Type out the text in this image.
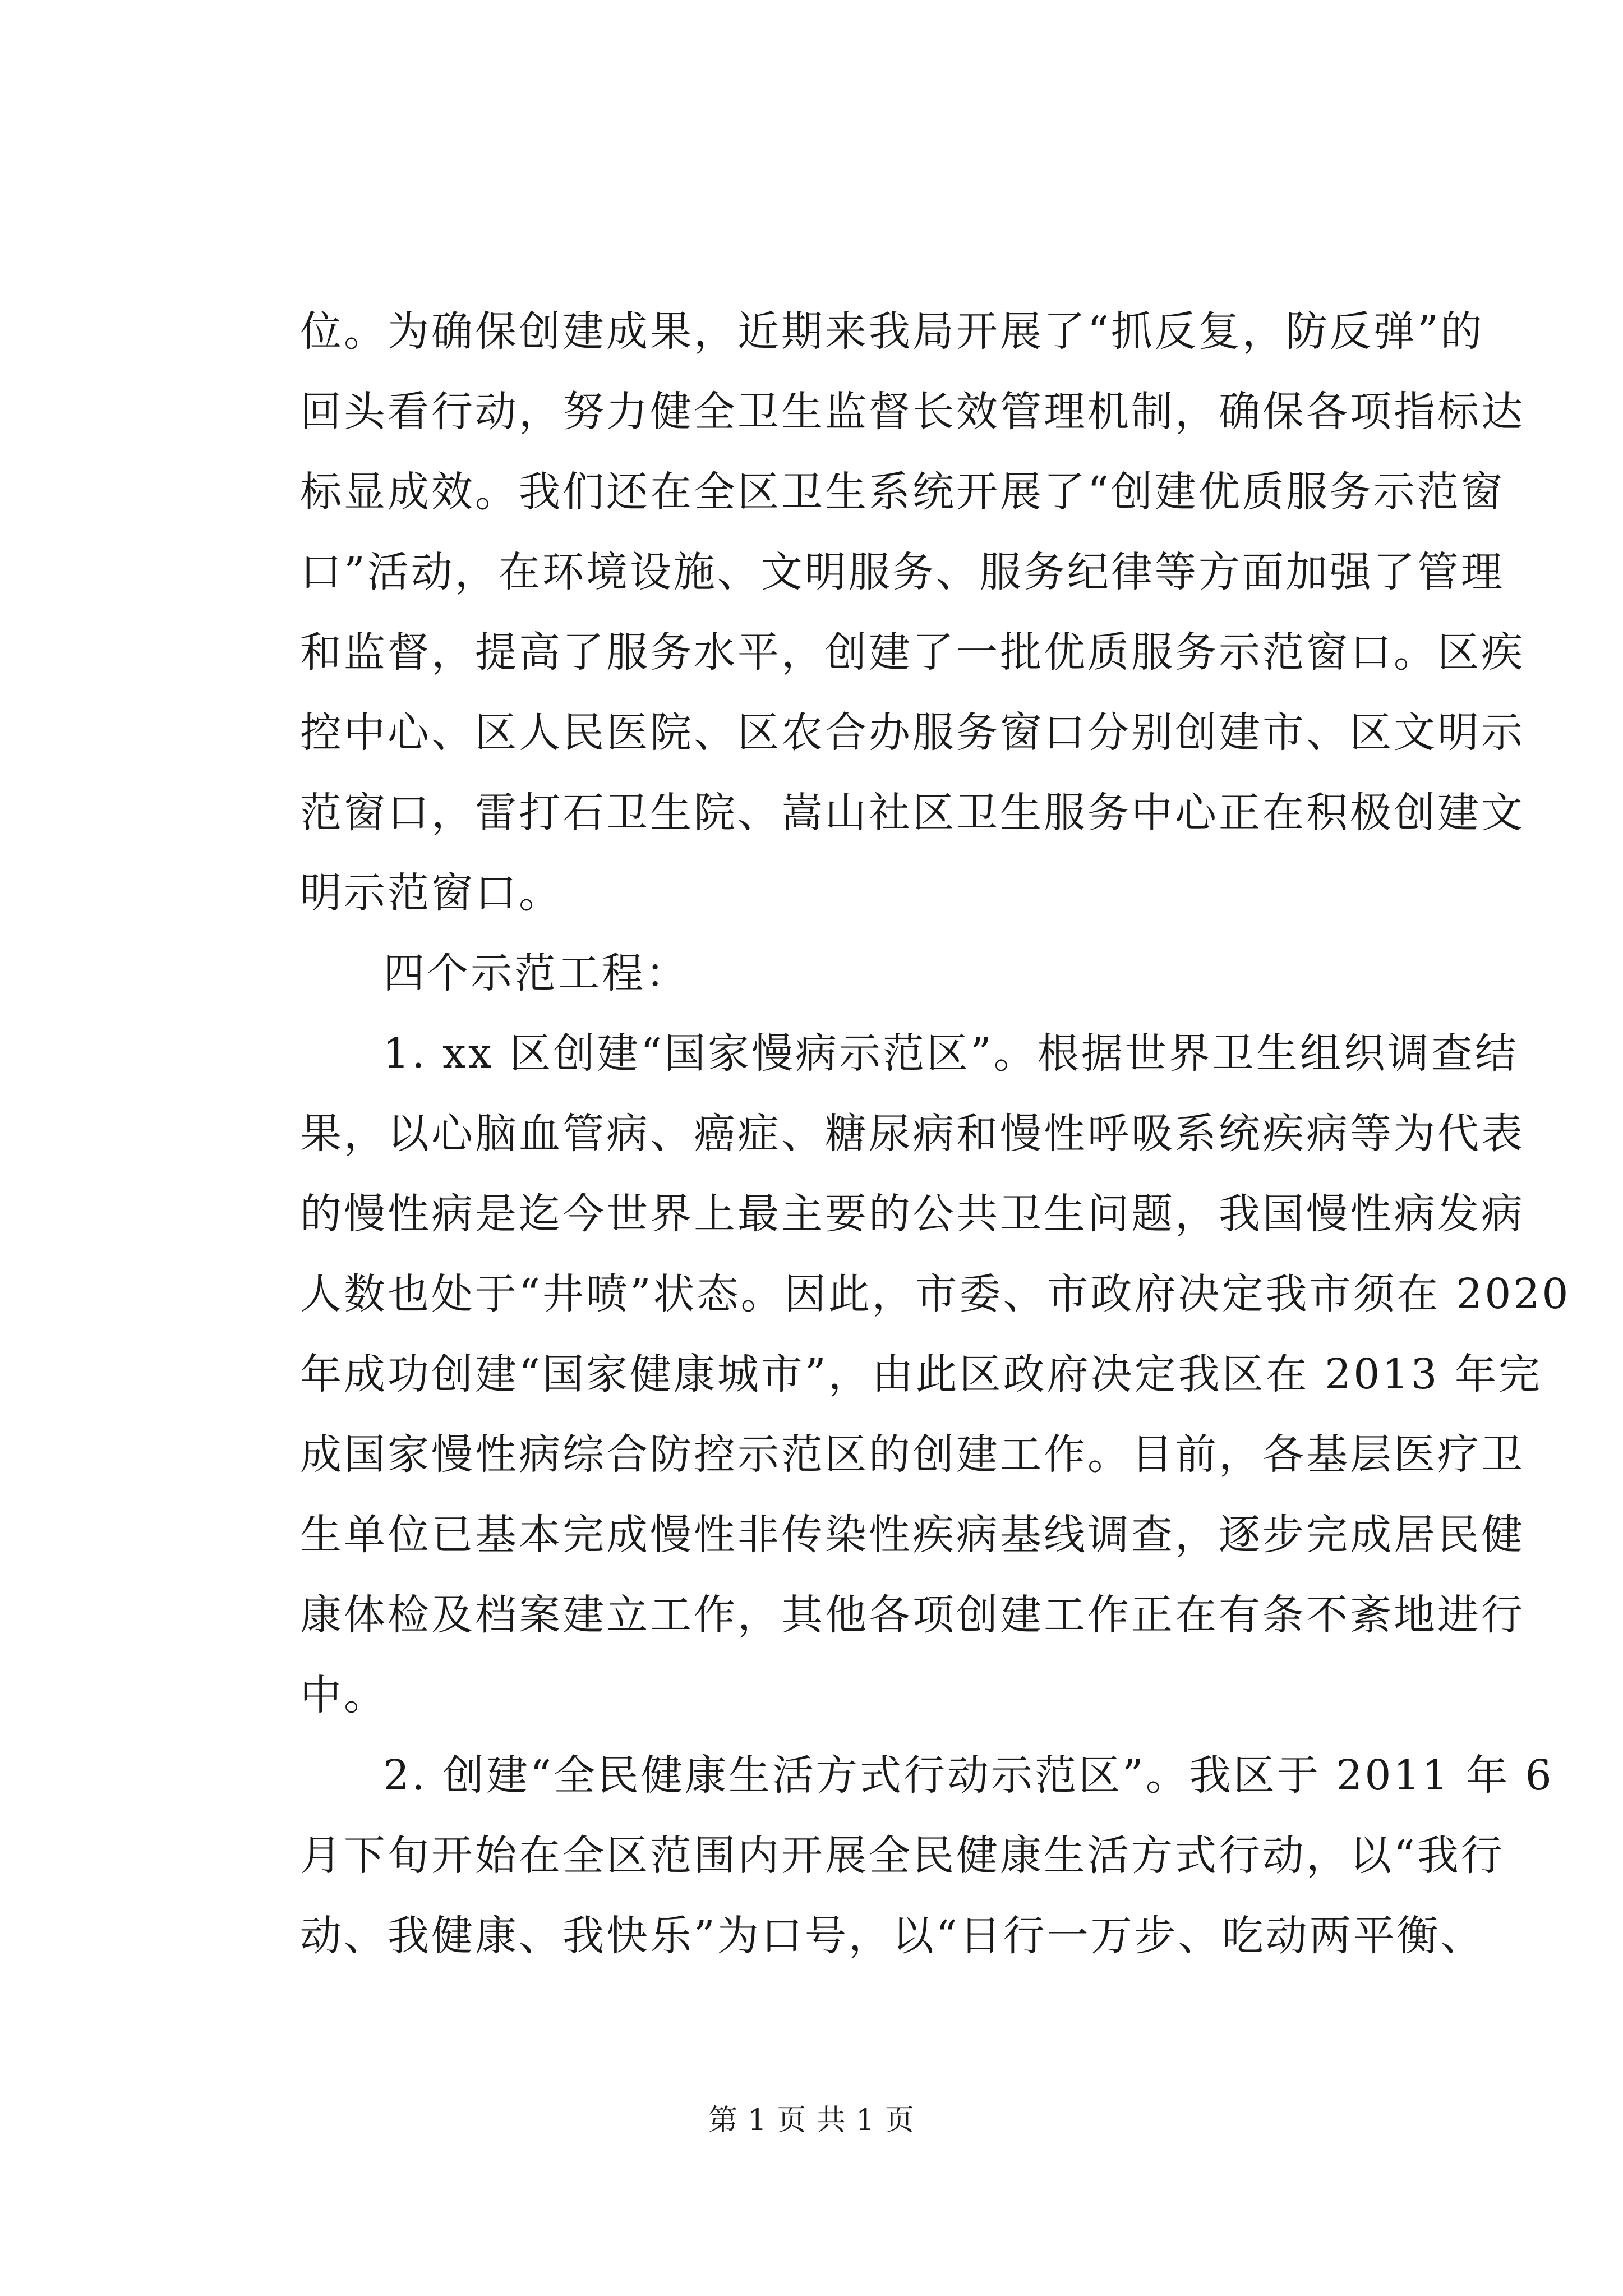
位。为确保创建成果，近期来我局开展了“抓反复，防反弹”的
回头看行动，努力健全卫生监督长效管理机制，确保各项指标达
标显成效。我们还在全区卫生系统开展了“创建优质服务示范窗
口”活动，在环境设施、文明服务、服务纪律等方面加强了管理
和监督，提高了服务水平，创建了一批优质服务示范窗口。区疾
控中心、区人民医院、区农合办服务窗口分别创建市、区文明示
范窗口，雷打石卫生院、嵩山社区卫生服务中心正在积极创建文
明示范窗口。
四个示范工程：
1. xx 区创建“国家慢病示范区”。根据世界卫生组织调查结
果，以心脑血管病、癌症、糖尿病和慢性呼吸系统疾病等为代表
的慢性病是迄今世界上最主要的公共卫生问题，我国慢性病发病
人数也处于“井喷”状态。因此，市委、市政府决定我市须在 2020
年成功创建“国家健康城市”，由此区政府决定我区在 2013 年完
成国家慢性病综合防控示范区的创建工作。目前，各基层医疗卫
生单位已基本完成慢性非传染性疾病基线调查，逐步完成居民健
康体检及档案建立工作，其他各项创建工作正在有条不紊地进行
中。
2. 创建“全民健康生活方式行动示范区”。我区于 2011 年 6
月下旬开始在全区范围内开展全民健康生活方式行动，以“我行
动、我健康、我快乐”为口号，以“日行一万步、吃动两平衡、
第 1 页 共 1 页
